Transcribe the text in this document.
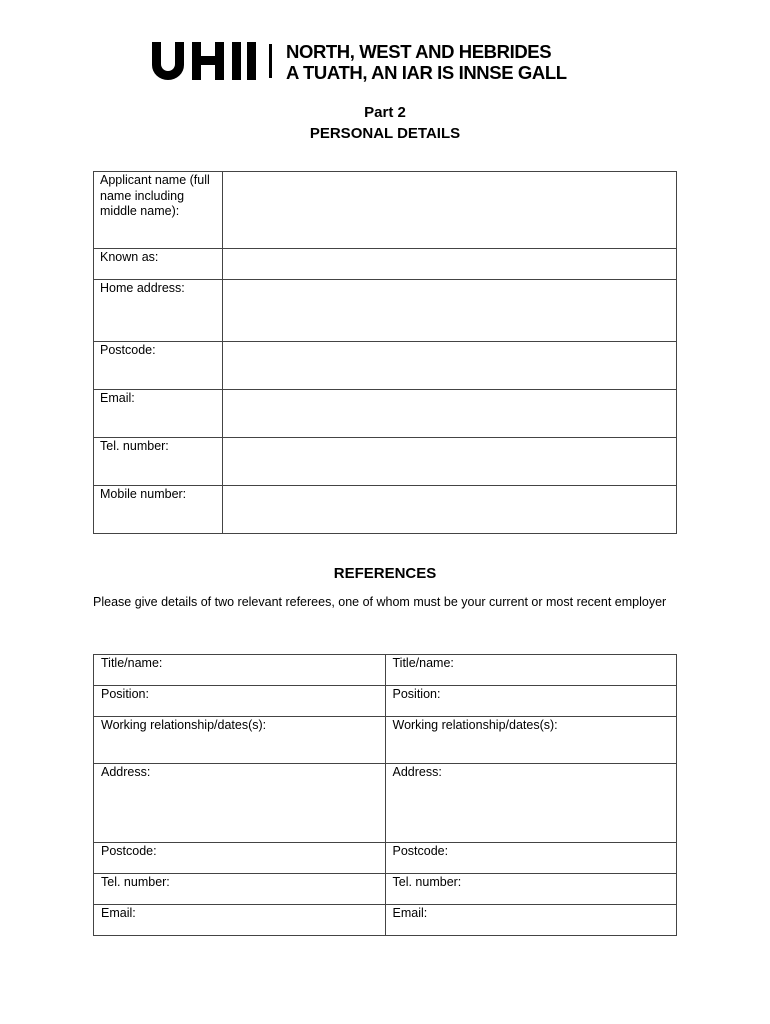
NORTH, WEST AND HEBRIDES
A TUATH, AN IAR IS INNSE GALL
Part 2
PERSONAL DETAILS
Applicant name (full name including middle name):	
Known as:	
Home address:	
Postcode:	
Email:	
Tel. number:	
Mobile number:	
REFERENCES
Please give details of two relevant referees, one of whom must be your current or most recent employer
Title/name:	Title/name:
Position:	Position:
Working relationship/dates(s):	Working relationship/dates(s):
Address:	Address:
Postcode:	Postcode:
Tel. number:	Tel. number:
Email:	Email:
